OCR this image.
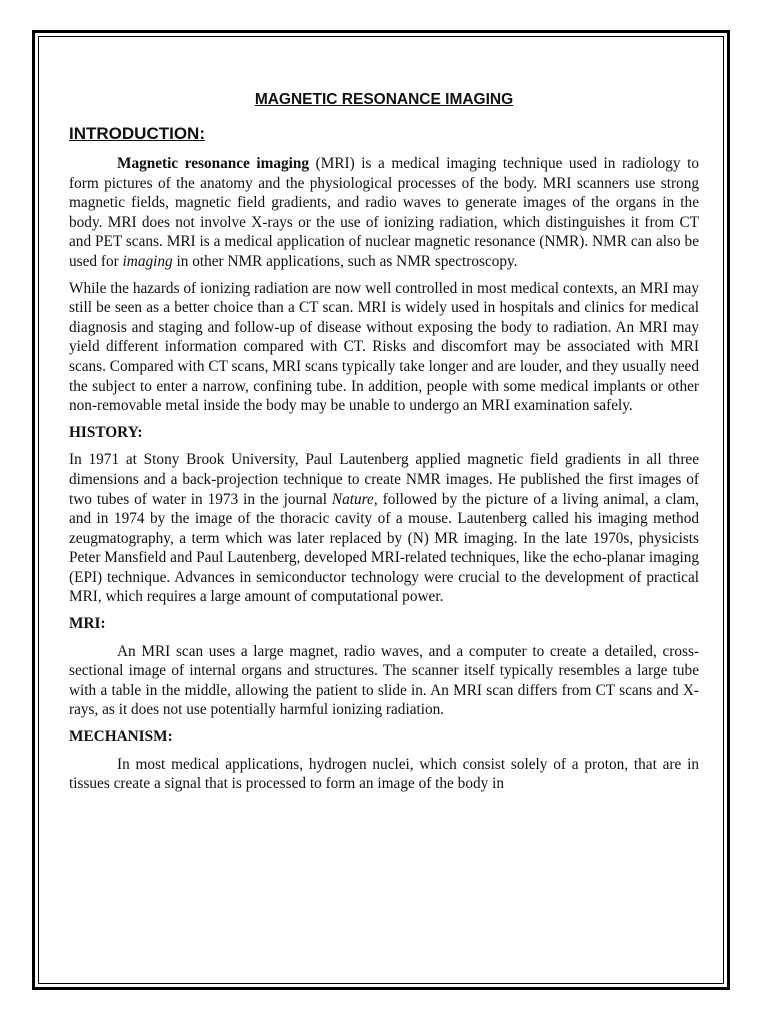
MAGNETIC RESONANCE IMAGING
INTRODUCTION:

Magnetic resonance imaging (MRI) is a medical imaging technique used in radiology to form pictures of the anatomy and the physiological processes of the body. MRI scanners use strong magnetic fields, magnetic field gradients, and radio waves to generate images of the organs in the body. MRI does not involve X-rays or the use of ionizing radiation, which distinguishes it from CT and PET scans. MRI is a medical application of nuclear magnetic resonance (NMR). NMR can also be used for imaging in other NMR applications, such as NMR spectroscopy.

While the hazards of ionizing radiation are now well controlled in most medical contexts, an MRI may still be seen as a better choice than a CT scan. MRI is widely used in hospitals and clinics for medical diagnosis and staging and follow-up of disease without exposing the body to radiation. An MRI may yield different information compared with CT. Risks and discomfort may be associated with MRI scans. Compared with CT scans, MRI scans typically take longer and are louder, and they usually need the subject to enter a narrow, confining tube. In addition, people with some medical implants or other non-removable metal inside the body may be unable to undergo an MRI examination safely.

HISTORY:

In 1971 at Stony Brook University, Paul Lautenberg applied magnetic field gradients in all three dimensions and a back-projection technique to create NMR images. He published the first images of two tubes of water in 1973 in the journal Nature, followed by the picture of a living animal, a clam, and in 1974 by the image of the thoracic cavity of a mouse. Lautenberg called his imaging method zeugmatography, a term which was later replaced by (N) MR imaging. In the late 1970s, physicists Peter Mansfield and Paul Lautenberg, developed MRI-related techniques, like the echo-planar imaging (EPI) technique. Advances in semiconductor technology were crucial to the development of practical MRI, which requires a large amount of computational power.

MRI:

An MRI scan uses a large magnet, radio waves, and a computer to create a detailed, cross-sectional image of internal organs and structures. The scanner itself typically resembles a large tube with a table in the middle, allowing the patient to slide in. An MRI scan differs from CT scans and X-rays, as it does not use potentially harmful ionizing radiation.

MECHANISM:

In most medical applications, hydrogen nuclei, which consist solely of a proton, that are in tissues create a signal that is processed to form an image of the body in
